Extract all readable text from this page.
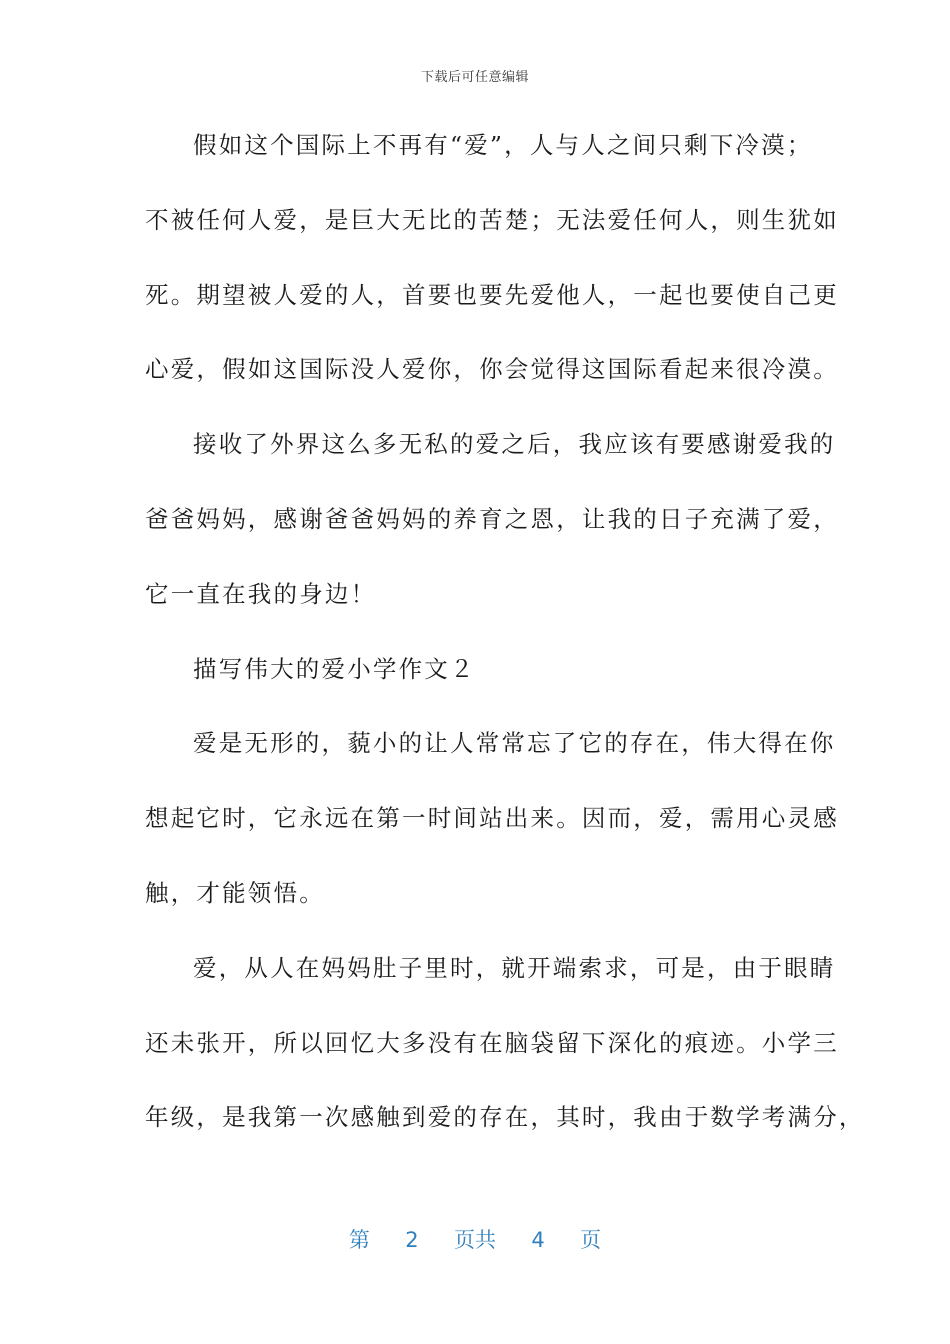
下载后可任意编辑
假如这个国际上不再有“爱”，人与人之间只剩下冷漠；
不被任何人爱，是巨大无比的苦楚；无法爱任何人，则生犹如
死。期望被人爱的人，首要也要先爱他人，一起也要使自己更
心爱，假如这国际没人爱你，你会觉得这国际看起来很冷漠。
接收了外界这么多无私的爱之后，我应该有要感谢爱我的
爸爸妈妈，感谢爸爸妈妈的养育之恩，让我的日子充满了爱，
它一直在我的身边！
描写伟大的爱小学作文２
爱是无形的，藐小的让人常常忘了它的存在，伟大得在你
想起它时，它永远在第一时间站出来。因而，爱，需用心灵感
触，才能领悟。
爱，从人在妈妈肚子里时，就开端索求，可是，由于眼睛
还未张开，所以回忆大多没有在脑袋留下深化的痕迹。小学三
年级，是我第一次感触到爱的存在，其时，我由于数学考满分，
第 2 页共 4 页
